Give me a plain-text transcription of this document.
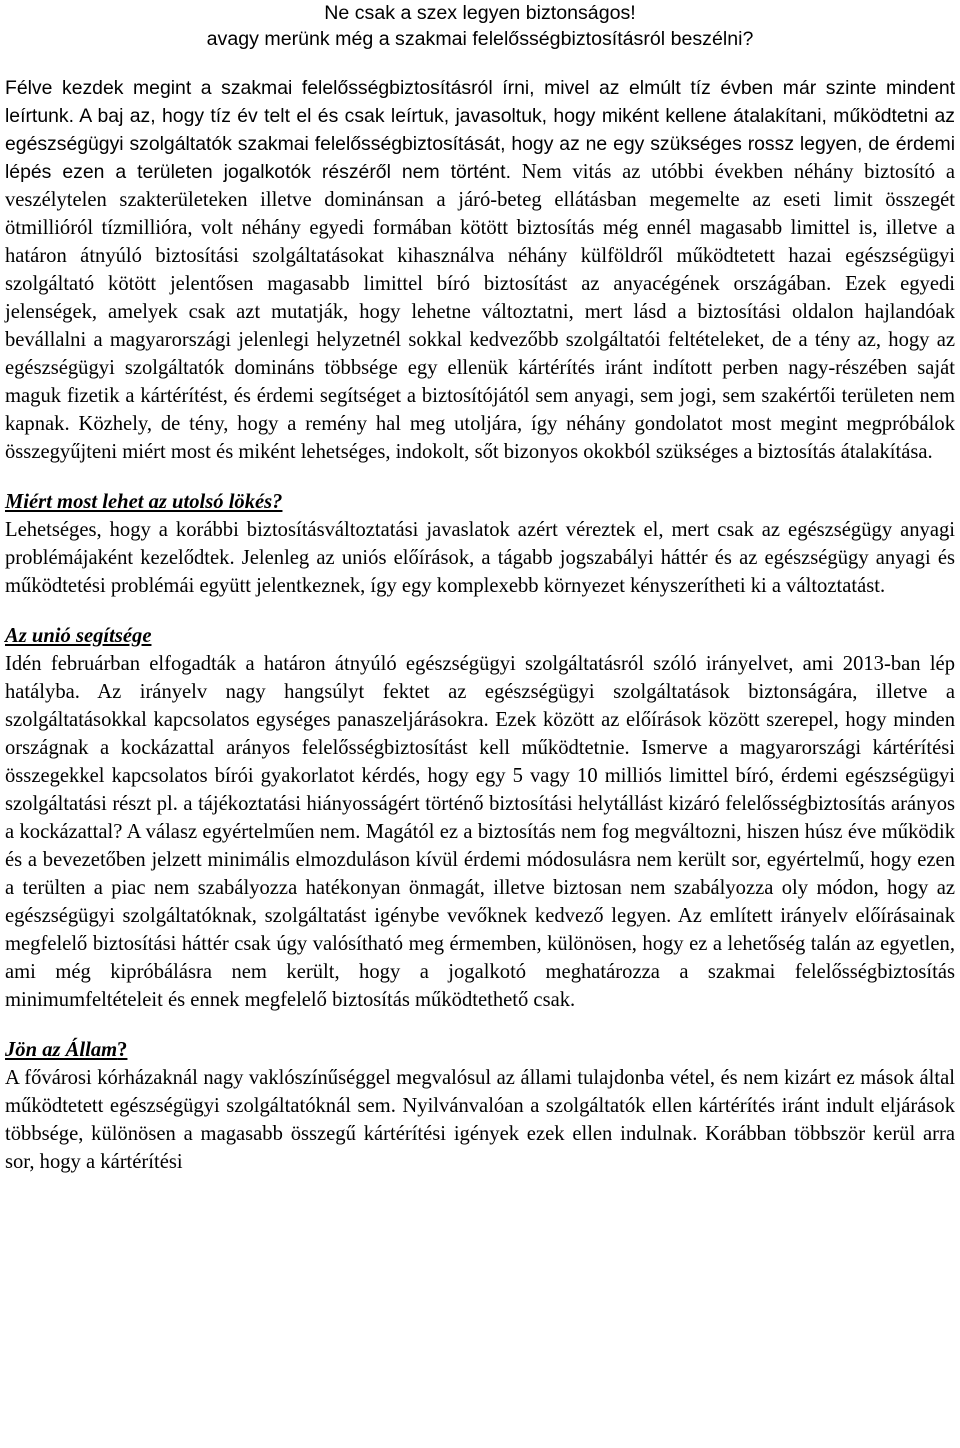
Ne csak a szex legyen biztonságos!
avagy merünk még a szakmai felelősségbiztosításról beszélni?

Félve kezdek megint a szakmai felelősségbiztosításról írni, mivel az elmúlt tíz évben már szinte mindent leírtunk. A baj az, hogy tíz év telt el és csak leírtuk, javasoltuk, hogy miként kellene átalakítani, működtetni az egészségügyi szolgáltatók szakmai felelősségbiztosítását, hogy az ne egy szükséges rossz legyen, de érdemi lépés ezen a területen jogalkotók részéről nem történt. Nem vitás az utóbbi években néhány biztosító a veszélytelen szakterületeken illetve dominánsan a járó-beteg ellátásban megemelte az eseti limit összegét ötmillióról tízmillióra, volt néhány egyedi formában kötött biztosítás még ennél magasabb limittel is, illetve a határon átnyúló biztosítási szolgáltatásokat kihasználva néhány külföldről működtetett hazai egészségügyi szolgáltató kötött jelentősen magasabb limittel bíró biztosítást az anyacégének országában. Ezek egyedi jelenségek, amelyek csak azt mutatják, hogy lehetne változtatni, mert lásd a biztosítási oldalon hajlandóak bevállalni a magyarországi jelenlegi helyzetnél sokkal kedvezőbb szolgáltatói feltételeket, de a tény az, hogy az egészségügyi szolgáltatók domináns többsége egy ellenük kártérítés iránt indított perben nagy-részében saját maguk fizetik a kártérítést, és érdemi segítséget a biztosítójától sem anyagi, sem jogi, sem szakértői területen nem kapnak. Közhely, de tény, hogy a remény hal meg utoljára, így néhány gondolatot most megint megpróbálok összegyűjteni miért most és miként lehetséges, indokolt, sőt bizonyos okokból szükséges a biztosítás átalakítása.

Miért most lehet az utolsó lökés?

Lehetséges, hogy a korábbi biztosításváltoztatási javaslatok azért véreztek el, mert csak az egészségügy anyagi problémájaként kezelődtek. Jelenleg az uniós előírások, a tágabb jogszabályi háttér és az egészségügy anyagi és működtetési problémái együtt jelentkeznek, így egy komplexebb környezet kényszerítheti ki a változtatást.

Az unió segítsége

Idén februárban elfogadták a határon átnyúló egészségügyi szolgáltatásról szóló irányelvet, ami 2013-ban lép hatályba. Az irányelv nagy hangsúlyt fektet az egészségügyi szolgáltatások biztonságára, illetve a szolgáltatásokkal kapcsolatos egységes panaszeljárásokra. Ezek között az előírások között szerepel, hogy minden országnak a kockázattal arányos felelősségbiztosítást kell működtetnie. Ismerve a magyarországi kártérítési összegekkel kapcsolatos bírói gyakorlatot kérdés, hogy egy 5 vagy 10 milliós limittel bíró, érdemi egészségügyi szolgáltatási részt pl. a tájékoztatási hiányosságért történő biztosítási helytállást kizáró felelősségbiztosítás arányos a kockázattal? A válasz egyértelműen nem. Magától ez a biztosítás nem fog megváltozni, hiszen húsz éve működik és a bevezetőben jelzett minimális elmozduláson kívül érdemi módosulásra nem került sor, egyértelmű, hogy ezen a terülten a piac nem szabályozza hatékonyan önmagát, illetve biztosan nem szabályozza oly módon, hogy az egészségügyi szolgáltatóknak, szolgáltatást igénybe vevőknek kedvező legyen. Az említett irányelv előírásainak megfelelő biztosítási háttér csak úgy valósítható meg érmemben, különösen, hogy ez a lehetőség talán az egyetlen, ami még kipróbálásra nem került, hogy a jogalkotó meghatározza a szakmai felelősségbiztosítás minimumfeltételeit és ennek megfelelő biztosítás működtethető csak.

Jön az Állam?

A fővárosi kórházaknál nagy vaklószínűséggel megvalósul az állami tulajdonba vétel, és nem kizárt ez mások által működtetett egészségügyi szolgáltatóknál sem. Nyilvánvalóan a szolgáltatók ellen kártérítés iránt indult eljárások többsége, különösen a magasabb összegű kártérítési igények ezek ellen indulnak. Korábban többször kerül arra sor, hogy a kártérítési
